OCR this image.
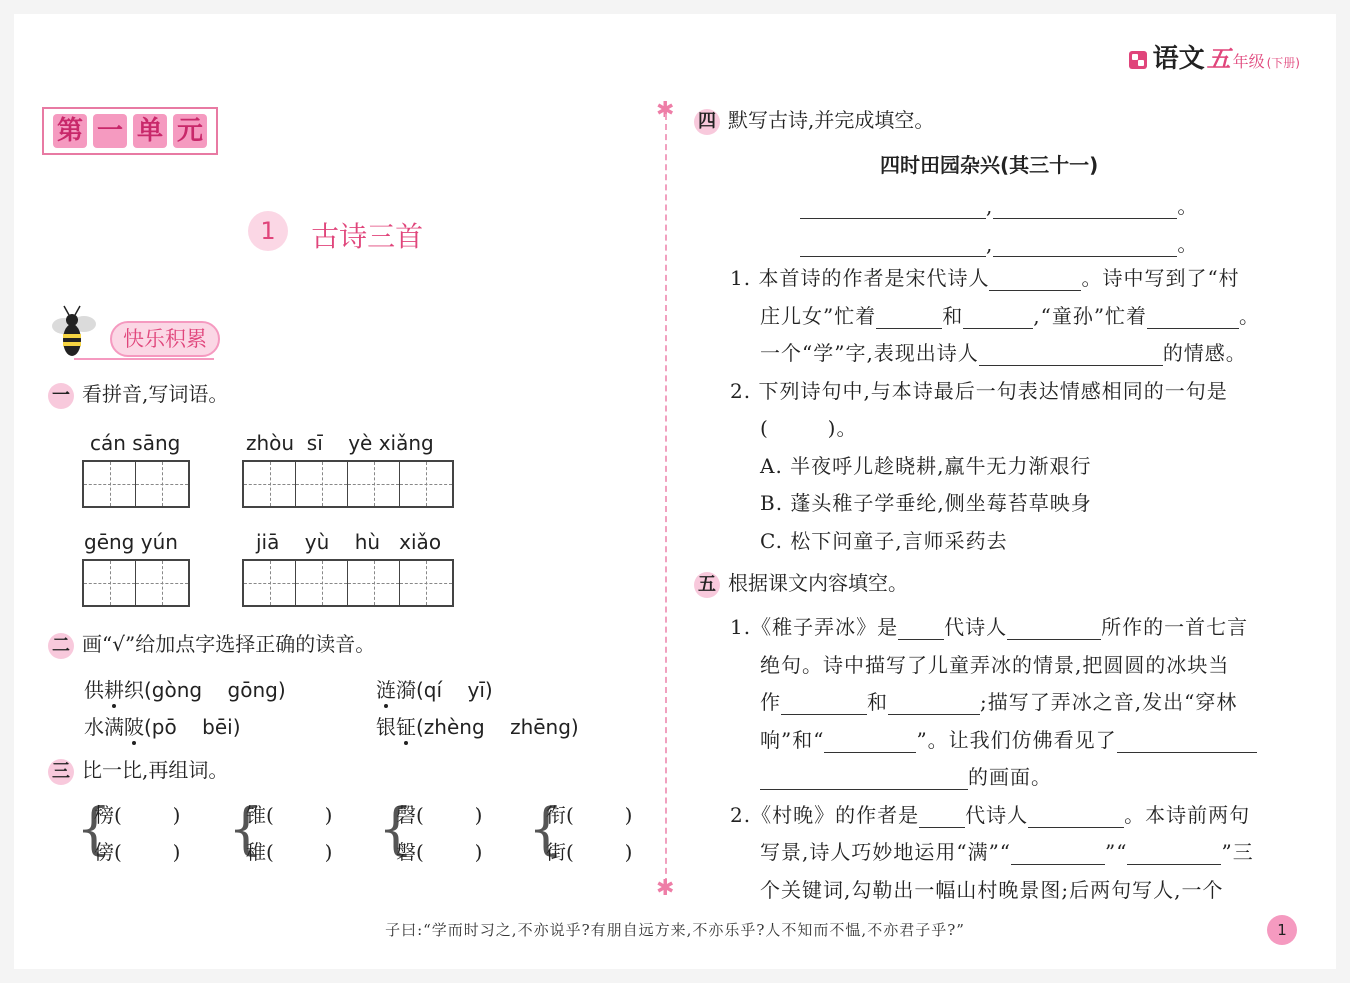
语文 五 年级 (下册)
第 一 单 元
1 古诗三首
快乐积累
一 看拼音,写词语。
cán sāng	zhòu  sī    yè xiǎng
gēng yún	jiā    yù    hù   xiǎo
二 画“√”给加点字选择正确的读音。
供耕织(gòng    gōng)	涟漪(qí    yī)
水满陂(pō    bēi)	银钲(zhèng    zhēng)
三 比一比,再组词。
{
榜(        )
傍(        ) {
锥(        )
稚(        ) {
磬(        )
磐(        ) {
衔(        )
街(        )
✱
✱
四 默写古诗,并完成填空。
四时田园杂兴(其三十一)
,	。
,	。
1. 本首诗的作者是宋代诗人	。诗中写到了“村
庄儿女”忙着	和	,“童孙”忙着	。
一个“学”字,表现出诗人	的情感。
2. 下列诗句中,与本诗最后一句表达情感相同的一句是
(        )。
A. 半夜呼儿趁晓耕,羸牛无力渐艰行
B. 蓬头稚子学垂纶,侧坐莓苔草映身
C. 松下问童子,言师采药去
五 根据课文内容填空。
1.《稚子弄冰》是 代诗人	所作的一首七言
绝句。诗中描写了儿童弄冰的情景,把圆圆的冰块当
作	和	;描写了弄冰之音,发出“穿林
响”和“	”。让我们仿佛看见了
的画面。
2.《村晚》的作者是 代诗人	。本诗前两句
写景,诗人巧妙地运用“满”“	”“	”三
个关键词,勾勒出一幅山村晚景图;后两句写人,一个
子曰:“学而时习之,不亦说乎?有朋自远方来,不亦乐乎?人不知而不愠,不亦君子乎?”	1
